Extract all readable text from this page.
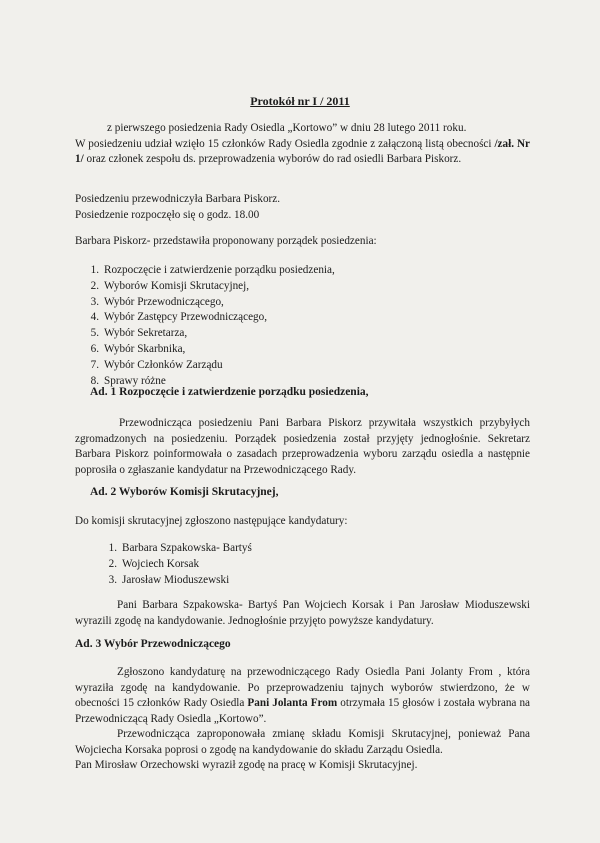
Protokół nr I / 2011
z pierwszego posiedzenia Rady Osiedla „Kortowo” w dniu 28 lutego 2011 roku.
W posiedzeniu udział wzięło 15 członków Rady Osiedla zgodnie z załączoną listą obecności /zał. Nr 1/ oraz członek zespołu ds. przeprowadzenia wyborów do rad osiedli Barbara Piskorz.
Posiedzeniu przewodniczyła Barbara Piskorz.
Posiedzenie rozpoczęło się o godz. 18.00
Barbara Piskorz- przedstawiła proponowany porządek posiedzenia:
1. Rozpoczęcie i zatwierdzenie porządku posiedzenia,
2. Wyborów Komisji Skrutacyjnej,
3. Wybór Przewodniczącego,
4. Wybór Zastępcy Przewodniczącego,
5. Wybór Sekretarza,
6. Wybór Skarbnika,
7. Wybór Członków Zarządu
8. Sprawy różne
Ad. 1 Rozpoczęcie i zatwierdzenie porządku posiedzenia,
Przewodnicząca posiedzeniu Pani Barbara Piskorz przywitała wszystkich przybyłych zgromadzonych na posiedzeniu. Porządek posiedzenia został przyjęty jednogłośnie. Sekretarz Barbara Piskorz poinformowała o zasadach przeprowadzenia wyboru zarządu osiedla a następnie poprosiła o zgłaszanie kandydatur na Przewodniczącego Rady.
Ad. 2 Wyborów Komisji Skrutacyjnej,
Do komisji skrutacyjnej zgłoszono następujące kandydatury:
1. Barbara Szpakowska- Bartyś
2. Wojciech Korsak
3. Jarosław Mioduszewski
Pani Barbara Szpakowska- Bartyś Pan Wojciech Korsak i Pan Jarosław Mioduszewski wyrazili zgodę na kandydowanie. Jednogłośnie przyjęto powyższe kandydatury.
Ad. 3 Wybór Przewodniczącego
Zgłoszono kandydaturę na przewodniczącego Rady Osiedla Pani Jolanty From , która wyraziła zgodę na kandydowanie. Po przeprowadzeniu tajnych wyborów stwierdzono, że w obecności 15 członków Rady Osiedla Pani Jolanta From otrzymała 15 głosów i została wybrana na Przewodniczącą Rady Osiedla „Kortowo”.
Przewodnicząca zaproponowała zmianę składu Komisji Skrutacyjnej, ponieważ Pana Wojciecha Korsaka poprosi o zgodę na kandydowanie do składu Zarządu Osiedla.
Pan Mirosław Orzechowski wyraził zgodę na pracę w Komisji Skrutacyjnej.
